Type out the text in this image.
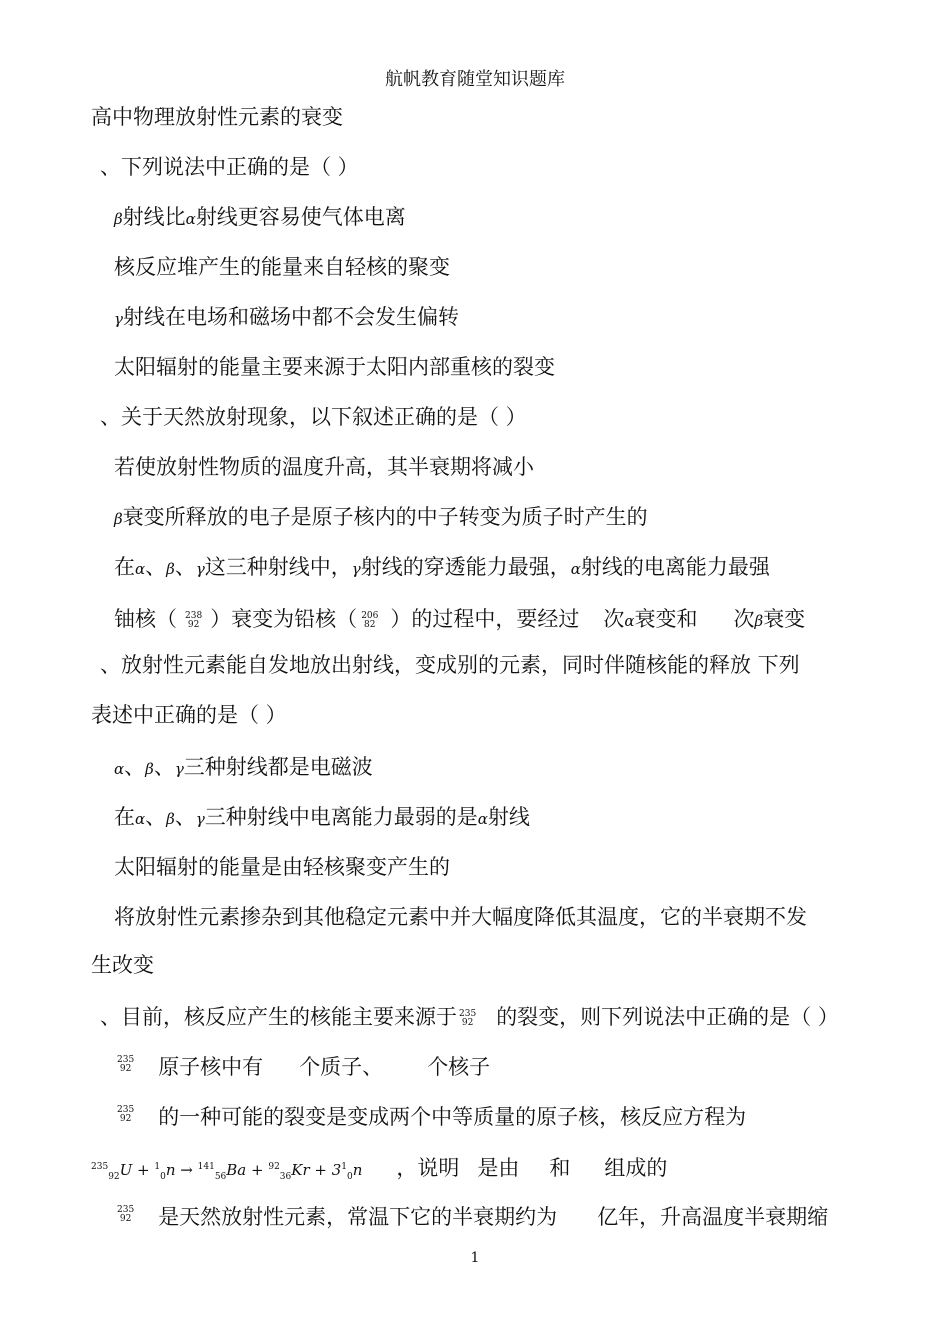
航帆教育随堂知识题库
高中物理放射性元素的衰变
、下列说法中正确的是（ ）
β射线比α射线更容易使气体电离
核反应堆产生的能量来自轻核的聚变
γ射线在电场和磁场中都不会发生偏转
太阳辐射的能量主要来源于太阳内部重核的裂变
、关于天然放射现象，以下叙述正确的是（ ）
若使放射性物质的温度升高，其半衰期将减小
β衰变所释放的电子是原子核内的中子转变为质子时产生的
在α、β、γ这三种射线中，γ射线的穿透能力最强，α射线的电离能力最强
铀核（ 238
92 ）衰变为铅核（ 206
82 ）的过程中，要经过 次α衰变和 次β衰变
、放射性元素能自发地放出射线，变成别的元素，同时伴随核能的释放 下列
表述中正确的是（ ）
α、β、γ三种射线都是电磁波
在α、β、γ三种射线中电离能力最弱的是α射线
太阳辐射的能量是由轻核聚变产生的
将放射性元素掺杂到其他稳定元素中并大幅度降低其温度，它的半衰期不发
生改变
、目前，核反应产生的核能主要来源于 235
92 的裂变，则下列说法中正确的是（ ）
235
92 原子核中有 个质子、 个核子
235
92 的一种可能的裂变是变成两个中等质量的原子核，核反应方程为
$^{235}_{92}U + ^1_0n \to ^{141}_{56}Ba + ^{92}_{36}Kr + 3^1_0n$ ，说明 是由 和 组成的
235
92 是天然放射性元素，常温下它的半衰期约为 亿年，升高温度半衰期缩
1
